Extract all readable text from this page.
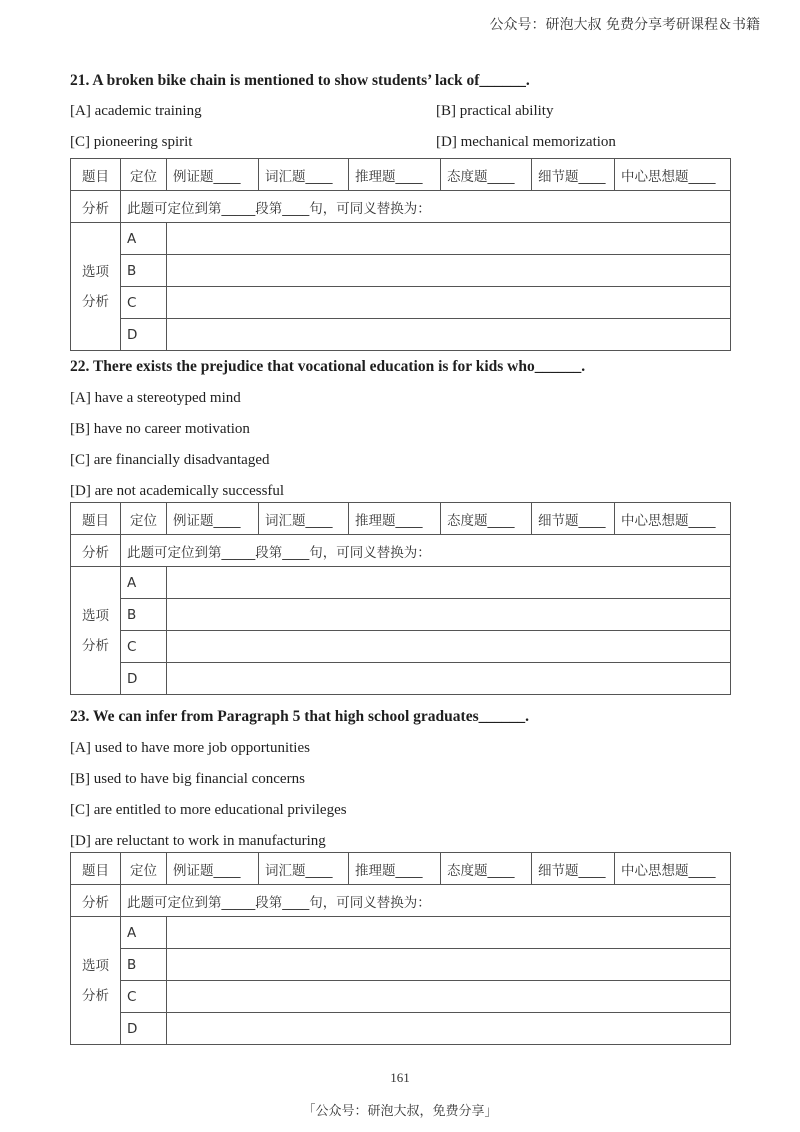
公众号：研泡大叔 免费分享考研课程＆书籍
21. A broken bike chain is mentioned to show students’ lack of______.
[A] academic training	[B] practical ability
[C] pioneering spirit	[D] mechanical memorization
题目	定位	例证题____	词汇题____	推理题____	态度题____	细节题____	中心思想题____
分析	此题可定位到第_____段第____句，可同义替换为：						
选项
分析	A						
	B						
	C						
	D						
22. There exists the prejudice that vocational education is for kids who______.
[A] have a stereotyped mind
[B] have no career motivation
[C] are financially disadvantaged
[D] are not academically successful
题目	定位	例证题____	词汇题____	推理题____	态度题____	细节题____	中心思想题____
分析	此题可定位到第_____段第____句，可同义替换为：						
选项
分析	A						
	B						
	C						
	D						
23. We can infer from Paragraph 5 that high school graduates______.
[A] used to have more job opportunities
[B] used to have big financial concerns
[C] are entitled to more educational privileges
[D] are reluctant to work in manufacturing
题目	定位	例证题____	词汇题____	推理题____	态度题____	细节题____	中心思想题____
分析	此题可定位到第_____段第____句，可同义替换为：						
选项
分析	A						
	B						
	C						
	D						
161
「公众号：研泡大叔，免费分享」
